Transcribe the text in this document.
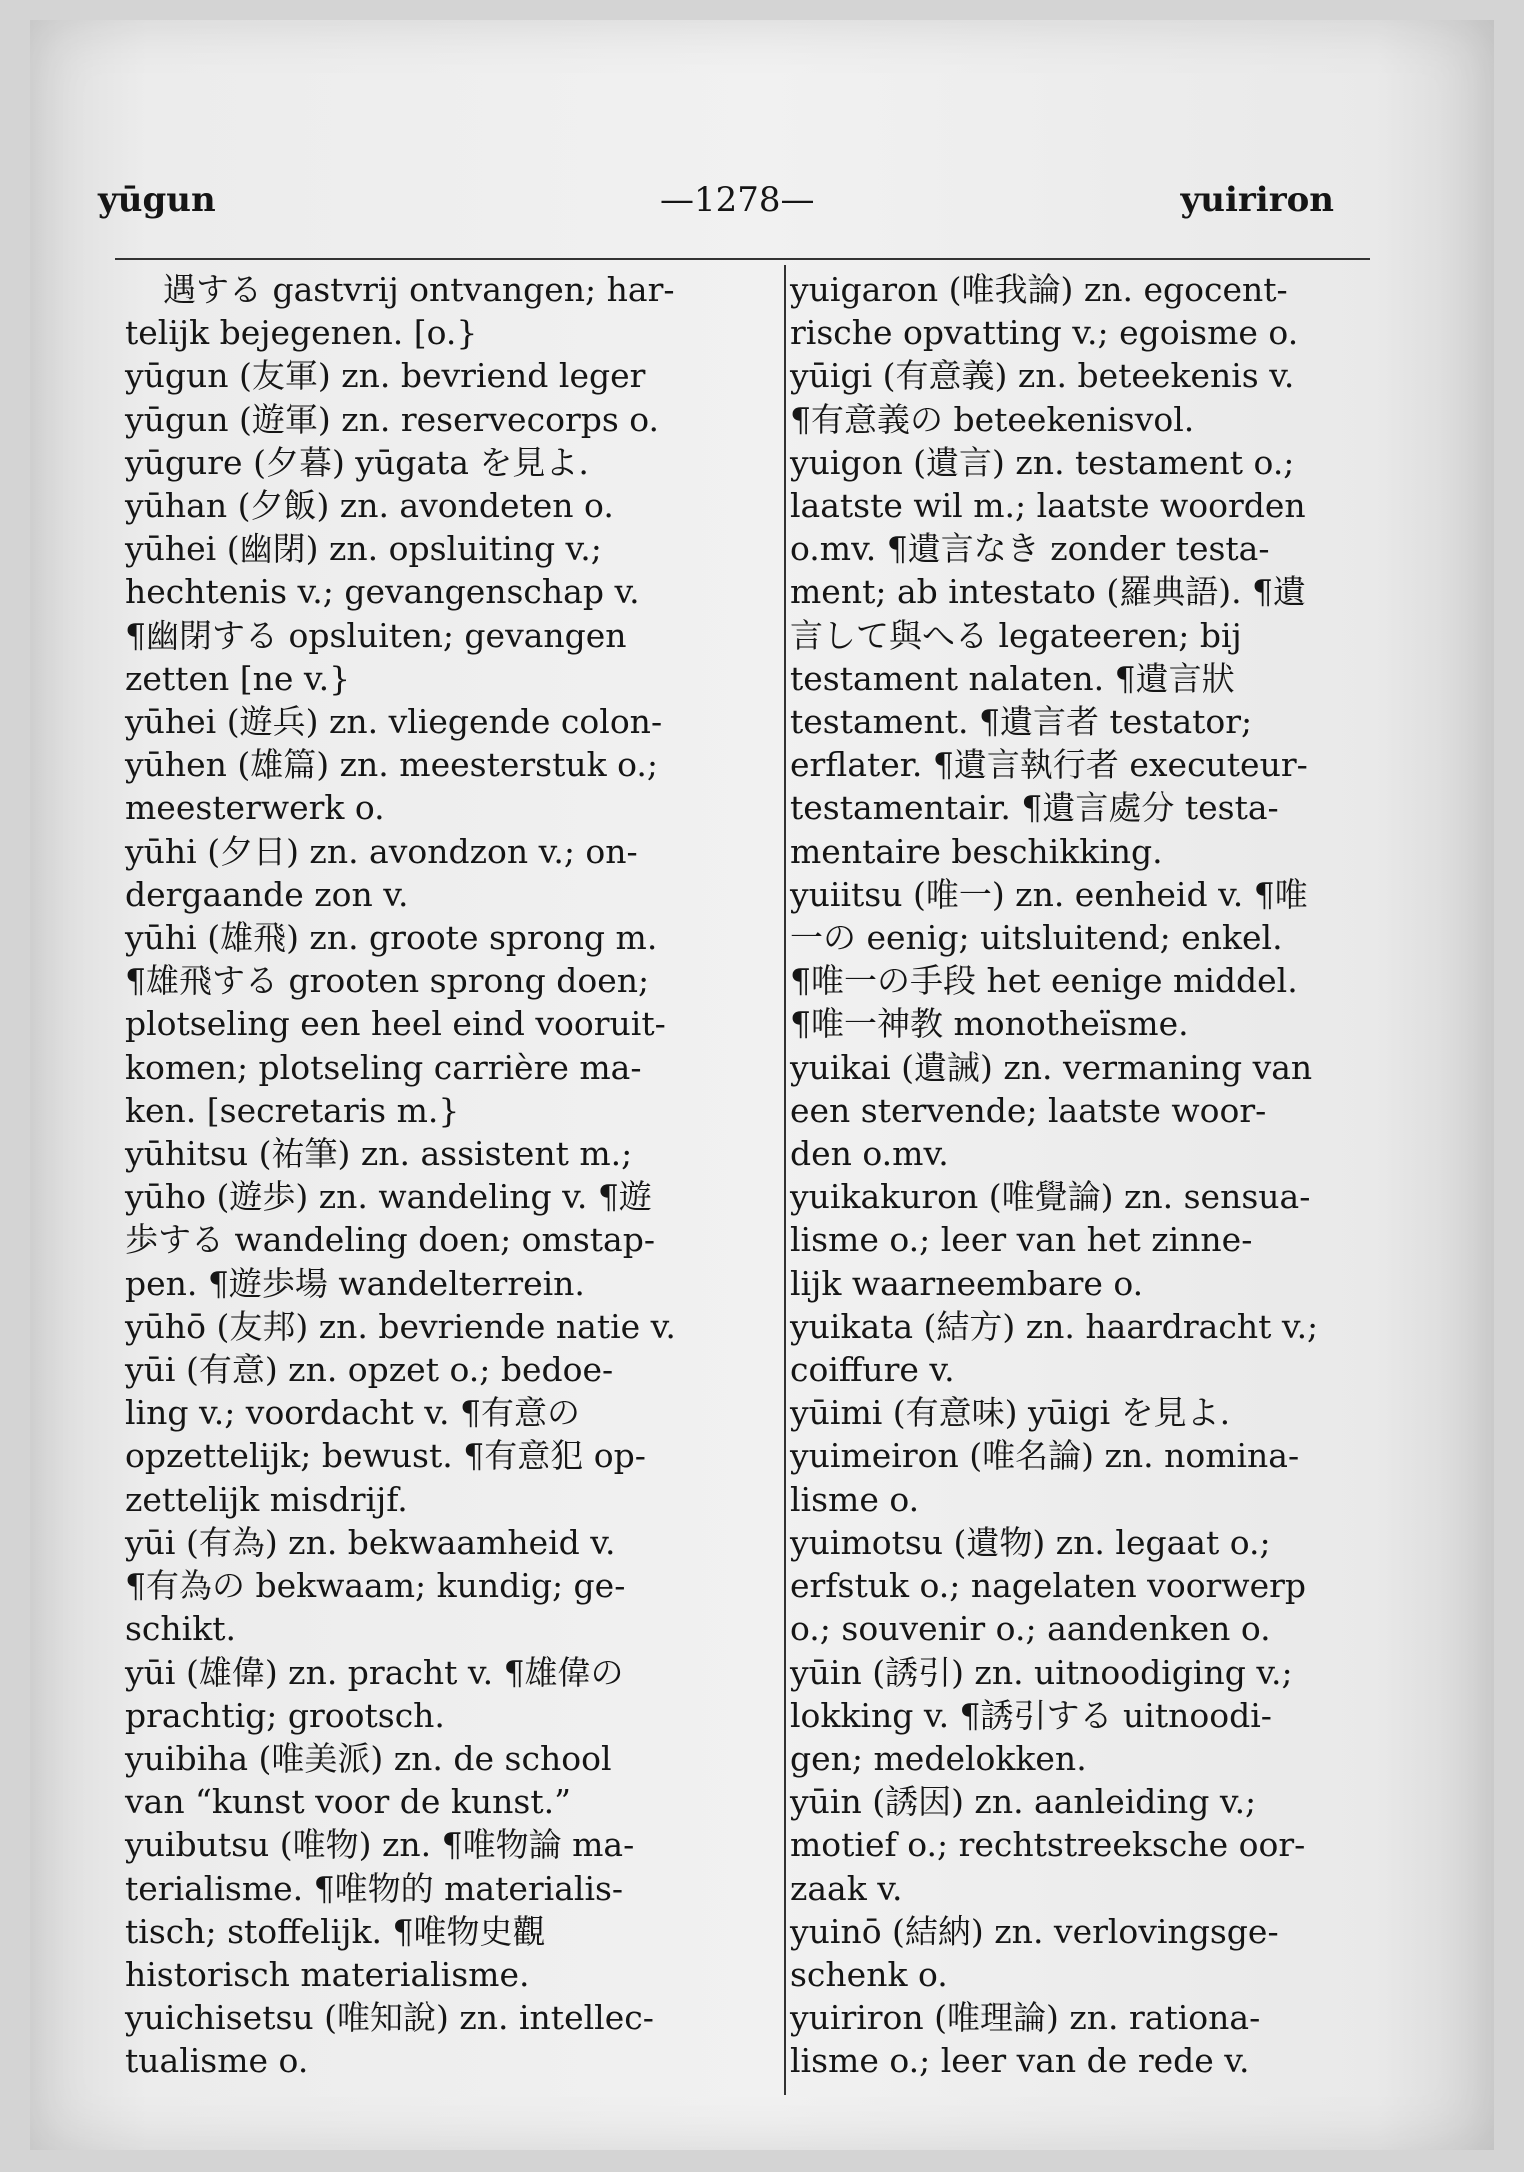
yūgun	—1278—	yuiriron

遇する gastvrij ontvangen; har-

telijk bejegenen. [o.}

yūgun (友軍) zn. bevriend leger

yūgun (遊軍) zn. reservecorps o.

yūgure (夕暮) yūgata を見よ.

yūhan (夕飯) zn. avondeten o.

yūhei (幽閉) zn. opsluiting v.;

hechtenis v.; gevangenschap v.

¶幽閉する opsluiten; gevangen

zetten [ne v.}

yūhei (遊兵) zn. vliegende colon-

yūhen (雄篇) zn. meesterstuk o.;

meesterwerk o.

yūhi (夕日) zn. avondzon v.; on-

dergaande zon v.

yūhi (雄飛) zn. groote sprong m.

¶雄飛する grooten sprong doen;

plotseling een heel eind vooruit-

komen; plotseling carrière ma-

ken. [secretaris m.}

yūhitsu (祐筆) zn. assistent m.;

yūho (遊歩) zn. wandeling v. ¶遊

歩する wandeling doen; omstap-

pen. ¶遊歩場 wandelterrein.

yūhō (友邦) zn. bevriende natie v.

yūi (有意) zn. opzet o.; bedoe-

ling v.; voordacht v. ¶有意の

opzettelijk; bewust. ¶有意犯 op-

zettelijk misdrijf.

yūi (有為) zn. bekwaamheid v.

¶有為の bekwaam; kundig; ge-

schikt.

yūi (雄偉) zn. pracht v. ¶雄偉の

prachtig; grootsch.

yuibiha (唯美派) zn. de school

van “kunst voor de kunst.”

yuibutsu (唯物) zn. ¶唯物論 ma-

terialisme. ¶唯物的 materialis-

tisch; stoffelijk. ¶唯物史觀

historisch materialisme.

yuichisetsu (唯知說) zn. intellec-

tualisme o.

yuigaron (唯我論) zn. egocent-

rische opvatting v.; egoisme o.

yūigi (有意義) zn. beteekenis v.

¶有意義の beteekenisvol.

yuigon (遺言) zn. testament o.;

laatste wil m.; laatste woorden

o.mv. ¶遺言なき zonder testa-

ment; ab intestato (羅典語). ¶遺

言して與へる legateeren; bij

testament nalaten. ¶遺言狀

testament. ¶遺言者 testator;

erflater. ¶遺言執行者 executeur-

testamentair. ¶遺言處分 testa-

mentaire beschikking.

yuiitsu (唯一) zn. eenheid v. ¶唯

一の eenig; uitsluitend; enkel.

¶唯一の手段 het eenige middel.

¶唯一神教 monotheïsme.

yuikai (遺誡) zn. vermaning van

een stervende; laatste woor-

den o.mv.

yuikakuron (唯覺論) zn. sensua-

lisme o.; leer van het zinne-

lijk waarneembare o.

yuikata (結方) zn. haardracht v.;

coiffure v.

yūimi (有意味) yūigi を見よ.

yuimeiron (唯名論) zn. nomina-

lisme o.

yuimotsu (遺物) zn. legaat o.;

erfstuk o.; nagelaten voorwerp

o.; souvenir o.; aandenken o.

yūin (誘引) zn. uitnoodiging v.;

lokking v. ¶誘引する uitnoodi-

gen; medelokken.

yūin (誘因) zn. aanleiding v.;

motief o.; rechtstreeksche oor-

zaak v.

yuinō (結納) zn. verlovingsge-

schenk o.

yuiriron (唯理論) zn. rationa-

lisme o.; leer van de rede v.
